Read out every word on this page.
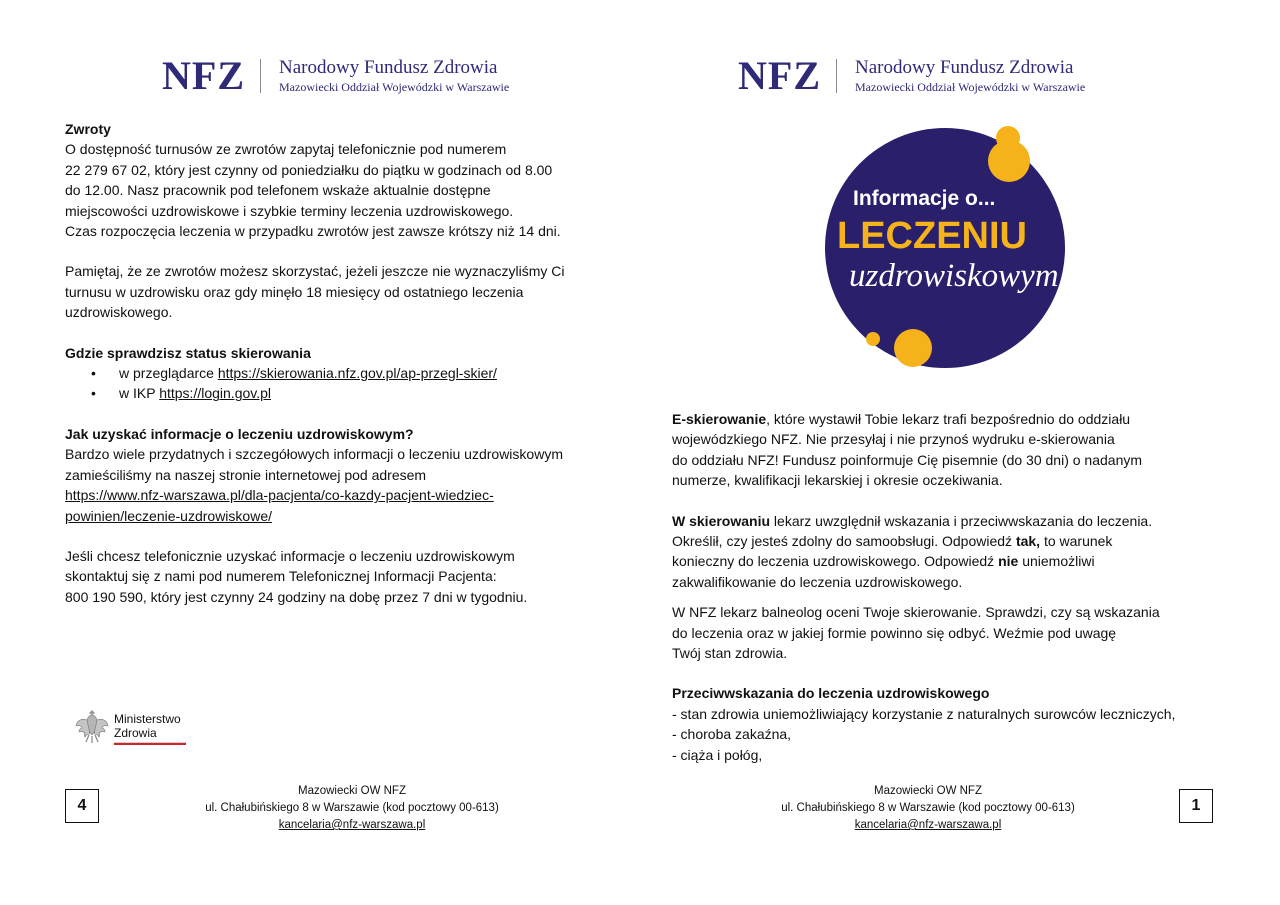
NFZ Narodowy Fundusz Zdrowia
Mazowiecki Oddział Wojewódzki w Warszawie

Zwroty

O dostępność turnusów ze zwrotów zapytaj telefonicznie pod numerem

22 279 67 02, który jest czynny od poniedziałku do piątku w godzinach od 8.00

do 12.00. Nasz pracownik pod telefonem wskaże aktualnie dostępne

miejscowości uzdrowiskowe i szybkie terminy leczenia uzdrowiskowego.

Czas rozpoczęcia leczenia w przypadku zwrotów jest zawsze krótszy niż 14 dni.

Pamiętaj, że ze zwrotów możesz skorzystać, jeżeli jeszcze nie wyznaczyliśmy Ci

turnusu w uzdrowisku oraz gdy minęło 18 miesięcy od ostatniego leczenia

uzdrowiskowego.

Gdzie sprawdzisz status skierowania

• w przeglądarce https://skierowania.nfz.gov.pl/ap-przegl-skier/
• w IKP https://login.gov.pl

Jak uzyskać informacje o leczeniu uzdrowiskowym?

Bardzo wiele przydatnych i szczegółowych informacji o leczeniu uzdrowiskowym

zamieściliśmy na naszej stronie internetowej pod adresem

https://www.nfz-warszawa.pl/dla-pacjenta/co-kazdy-pacjent-wiedziec-

powinien/leczenie-uzdrowiskowe/

Jeśli chcesz telefonicznie uzyskać informacje o leczeniu uzdrowiskowym

skontaktuj się z nami pod numerem Telefonicznej Informacji Pacjenta:

800 190 590, który jest czynny 24 godziny na dobę przez 7 dni w tygodniu.

Ministerstwo
Zdrowia
4
Mazowiecki OW NFZ
ul. Chałubińskiego 8 w Warszawie (kod pocztowy 00-613)
kancelaria@nfz-warszawa.pl
NFZ Narodowy Fundusz Zdrowia
Mazowiecki Oddział Wojewódzki w Warszawie
Informacje o...
LECZENIU
uzdrowiskowym

E-skierowanie, które wystawił Tobie lekarz trafi bezpośrednio do oddziału

wojewódzkiego NFZ. Nie przesyłaj i nie przynoś wydruku e-skierowania

do oddziału NFZ! Fundusz poinformuje Cię pisemnie (do 30 dni) o nadanym

numerze, kwalifikacji lekarskiej i okresie oczekiwania.

W skierowaniu lekarz uwzględnił wskazania i przeciwwskazania do leczenia.

Określił, czy jesteś zdolny do samoobsługi. Odpowiedź tak, to warunek

konieczny do leczenia uzdrowiskowego. Odpowiedź nie uniemożliwi

zakwalifikowanie do leczenia uzdrowiskowego.

W NFZ lekarz balneolog oceni Twoje skierowanie. Sprawdzi, czy są wskazania

do leczenia oraz w jakiej formie powinno się odbyć. Weźmie pod uwagę

Twój stan zdrowia.

Przeciwwskazania do leczenia uzdrowiskowego

- stan zdrowia uniemożliwiający korzystanie z naturalnych surowców leczniczych,

- choroba zakaźna,

- ciąża i połóg,

Mazowiecki OW NFZ
ul. Chałubińskiego 8 w Warszawie (kod pocztowy 00-613)
kancelaria@nfz-warszawa.pl
1
